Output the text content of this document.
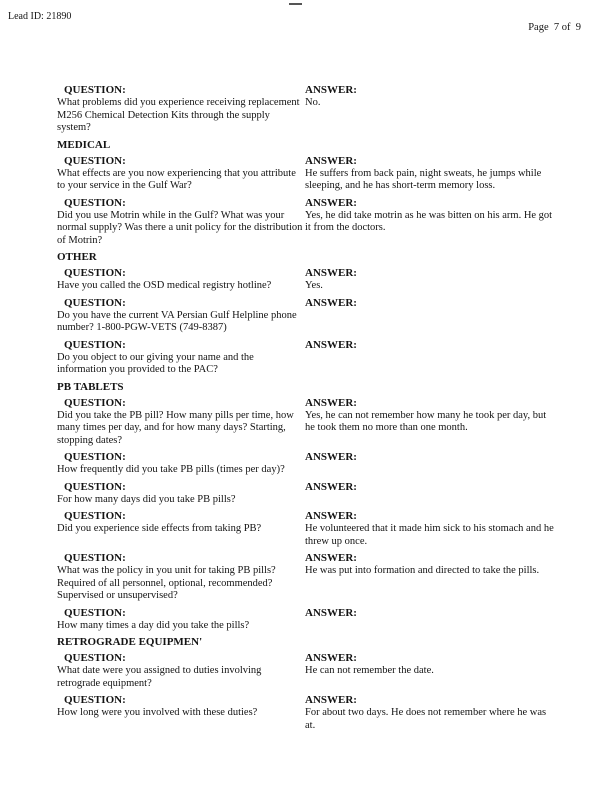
Lead ID: 21890
Page  7 of  9
QUESTION:
What problems did you experience receiving replacement M256 Chemical Detection Kits through the supply system?
ANSWER:
No.
MEDICAL
QUESTION:
What effects are you now experiencing that you attribute to your service in the Gulf War?
ANSWER:
He suffers from back pain, night sweats, he jumps while sleeping, and he has short-term memory loss.
QUESTION:
Did you use Motrin while in the Gulf? What was your normal supply? Was there a unit policy for the distribution of Motrin?
ANSWER:
Yes, he did take motrin as he was bitten on his arm. He got it from the doctors.
OTHER
QUESTION:
Have you called the OSD medical registry hotline?
ANSWER:
Yes.
QUESTION:
Do you have the current VA Persian Gulf Helpline phone number? 1-800-PGW-VETS (749-8387)
ANSWER:
QUESTION:
Do you object to our giving your name and the information you provided to the PAC?
ANSWER:
PB TABLETS
QUESTION:
Did you take the PB pill? How many pills per time, how many times per day, and for how many days? Starting, stopping dates?
ANSWER:
Yes, he can not remember how many he took per day, but he took them no more than one month.
QUESTION:
How frequently did you take PB pills (times per day)?
ANSWER:
QUESTION:
For how many days did you take PB pills?
ANSWER:
QUESTION:
Did you experience side effects from taking PB?
ANSWER:
He volunteered that it made him sick to his stomach and he threw up once.
QUESTION:
What was the policy in you unit for taking PB pills? Required of all personnel, optional, recommended? Supervised or unsupervised?
ANSWER:
He was put into formation and directed to take the pills.
QUESTION:
How many times a day did you take the pills?
ANSWER:
RETROGRADE EQUIPMEN'
QUESTION:
What date were you assigned to duties involving retrograde equipment?
ANSWER:
He can not remember the date.
QUESTION:
How long were you involved with these duties?
ANSWER:
For about two days. He does not remember where he was at.
